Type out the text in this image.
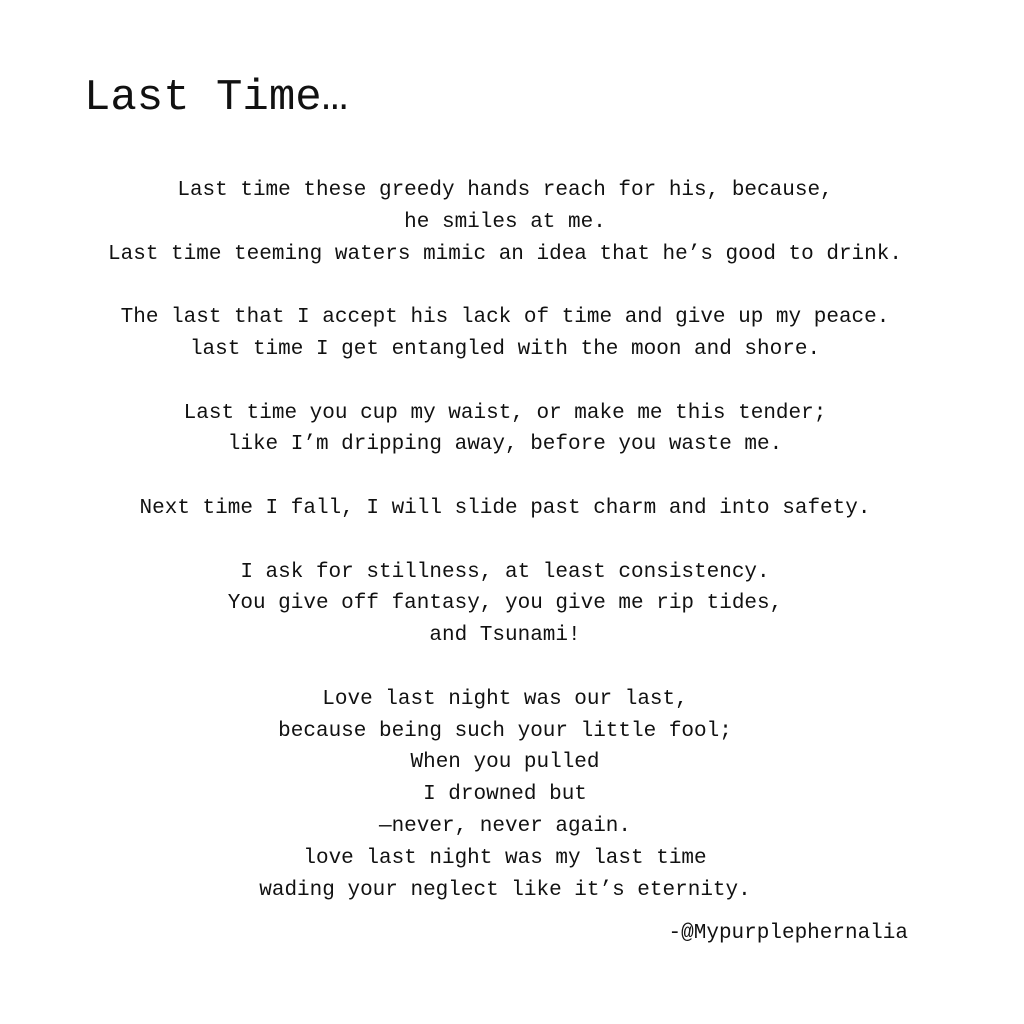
Last Time…
Last time these greedy hands reach for his, because,
he smiles at me.
Last time teeming waters mimic an idea that he’s good to drink.
The last that I accept his lack of time and give up my peace.
last time I get entangled with the moon and shore.
Last time you cup my waist, or make me this tender;
like I’m dripping away, before you waste me.
Next time I fall, I will slide past charm and into safety.
I ask for stillness, at least consistency.
You give off fantasy, you give me rip tides,
and Tsunami!
Love last night was our last,
because being such your little fool;
When you pulled
I drowned but
—never, never again.
love last night was my last time
wading your neglect like it’s eternity.
-@Mypurplephernalia
